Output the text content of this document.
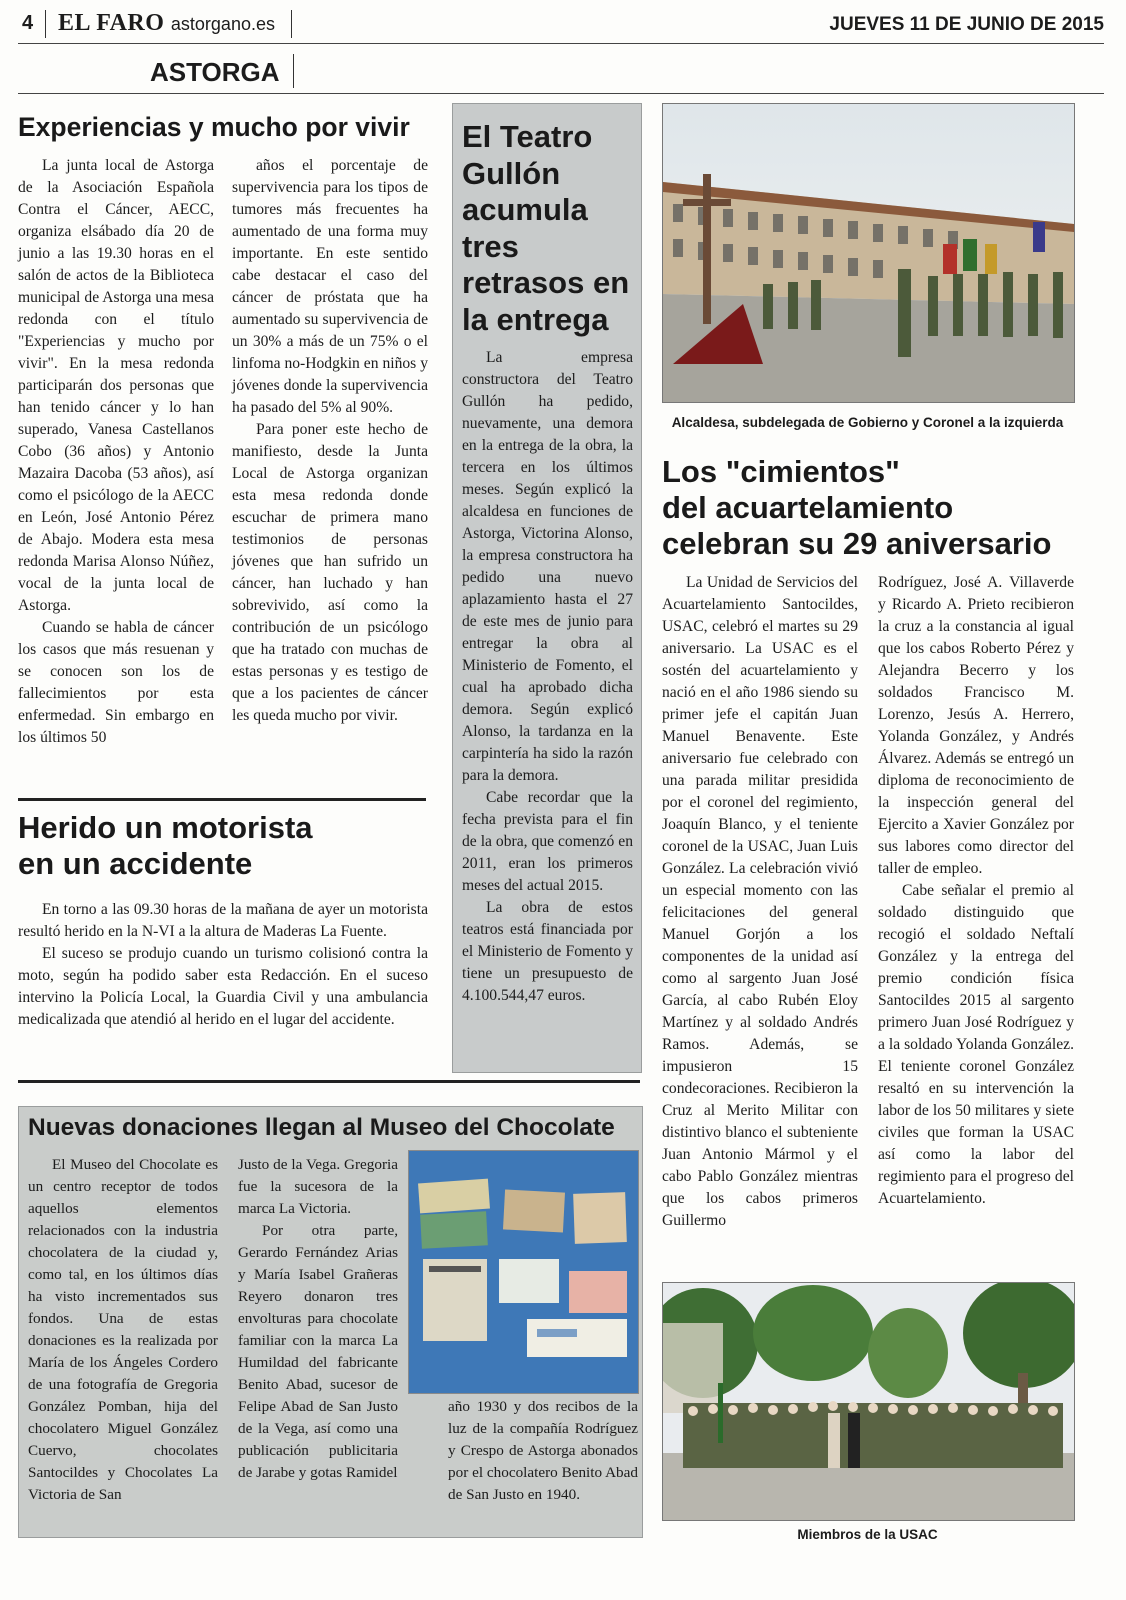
4 EL FARO astorgano.es	JUEVES 11 DE JUNIO DE 2015
ASTORGA
Experiencias y mucho por vivir

La junta local de Astorga de la Asociación Española Contra el Cáncer, AECC, organiza elsábado día 20 de junio a las 19.30 horas en el salón de actos de la Biblioteca municipal de Astorga una mesa redonda con el título "Experiencias y mucho por vivir". En la mesa redonda participarán dos personas que han tenido cáncer y lo han superado, Vanesa Castellanos Cobo (36 años) y Antonio Mazaira Dacoba (53 años), así como el psicólogo de la AECC en León, José Antonio Pérez de Abajo. Modera esta mesa redonda Marisa Alonso Núñez, vocal de la junta local de Astorga.

Cuando se habla de cáncer los casos que más resuenan y se conocen son los de fallecimientos por esta enfermedad. Sin embargo en los últimos 50

años el porcentaje de supervivencia para los tipos de tumores más frecuentes ha aumentado de una forma muy importante. En este sentido cabe destacar el caso del cáncer de próstata que ha aumentado su supervivencia de un 30% a más de un 75% o el linfoma no-Hodgkin en niños y jóvenes donde la supervivencia ha pasado del 5% al 90%.

Para poner este hecho de manifiesto, desde la Junta Local de Astorga organizan esta mesa redonda donde escuchar de primera mano testimonios de personas jóvenes que han sufrido un cáncer, han luchado y han sobrevivido, así como la contribución de un psicólogo que ha tratado con muchas de estas personas y es testigo de que a los pacientes de cáncer les queda mucho por vivir.

Herido un motorista
en un accidente

En torno a las 09.30 horas de la mañana de ayer un motorista resultó herido en la N-VI a la altura de Maderas La Fuente.

El suceso se produjo cuando un turismo colisionó contra la moto, según ha podido saber esta Redacción. En el suceso intervino la Policía Local, la Guardia Civil y una ambulancia medicalizada que atendió al herido en el lugar del accidente.

El Teatro
Gullón
acumula
tres
retrasos en
la entrega

La empresa constructora del Teatro Gullón ha pedido, nuevamente, una demora en la entrega de la obra, la tercera en los últimos meses. Según explicó la alcaldesa en funciones de Astorga, Victorina Alonso, la empresa constructora ha pedido una nuevo aplazamiento hasta el 27 de este mes de junio para entregar la obra al Ministerio de Fomento, el cual ha aprobado dicha demora. Según explicó Alonso, la tardanza en la carpintería ha sido la razón para la demora.

Cabe recordar que la fecha prevista para el fin de la obra, que comenzó en 2011, eran los primeros meses del actual 2015.

La obra de estos teatros está financiada por el Ministerio de Fomento y tiene un presupuesto de 4.100.544,47 euros.

Alcaldesa, subdelegada de Gobierno y Coronel a la izquierda
Los "cimientos"
del acuartelamiento
celebran su 29 aniversario

La Unidad de Servicios del Acuartelamiento Santocildes, USAC, celebró el martes su 29 aniversario. La USAC es el sostén del acuartelamiento y nació en el año 1986 siendo su primer jefe el capitán Juan Manuel Benavente. Este aniversario fue celebrado con una parada militar presidida por el coronel del regimiento, Joaquín Blanco, y el teniente coronel de la USAC, Juan Luis González. La celebración vivió un especial momento con las felicitaciones del general Manuel Gorjón a los componentes de la unidad así como al sargento Juan José García, al cabo Rubén Eloy Martínez y al soldado Andrés Ramos. Además, se impusieron 15 condecoraciones. Recibieron la Cruz al Merito Militar con distintivo blanco el subteniente Juan Antonio Mármol y el cabo Pablo González mientras que los cabos primeros Guillermo

Rodríguez, José A. Villaverde y Ricardo A. Prieto recibieron la cruz a la constancia al igual que los cabos Roberto Pérez y Alejandra Becerro y los soldados Francisco M. Lorenzo, Jesús A. Herrero, Yolanda González, y Andrés Álvarez. Además se entregó un diploma de reconocimiento de la inspección general del Ejercito a Xavier González por sus labores como director del taller de empleo.

Cabe señalar el premio al soldado distinguido que recogió el soldado Neftalí González y la entrega del premio condición física Santocildes 2015 al sargento primero Juan José Rodríguez y a la soldado Yolanda González. El teniente coronel González resaltó en su intervención la labor de los 50 militares y siete civiles que forman la USAC así como la labor del regimiento para el progreso del Acuartelamiento.

Miembros de la USAC
Nuevas donaciones llegan al Museo del Chocolate

El Museo del Chocolate es un centro receptor de todos aquellos elementos relacionados con la industria chocolatera de la ciudad y, como tal, en los últimos días ha visto incrementados sus fondos. Una de estas donaciones es la realizada por María de los Ángeles Cordero de una fotografía de Gregoria González Pomban, hija del chocolatero Miguel González Cuervo, chocolates Santocildes y Chocolates La Victoria de San

Justo de la Vega. Gregoria fue la sucesora de la marca La Victoria.

Por otra parte, Gerardo Fernández Arias y María Isabel Grañeras Reyero donaron tres envolturas para chocolate familiar con la marca La Humildad del fabricante Benito Abad, sucesor de Felipe Abad de San Justo de la Vega, así como una publicación publicitaria de Jarabe y gotas Ramidel

año 1930 y dos recibos de la luz de la compañía Rodríguez y Crespo de Astorga abonados por el chocolatero Benito Abad de San Justo en 1940.
